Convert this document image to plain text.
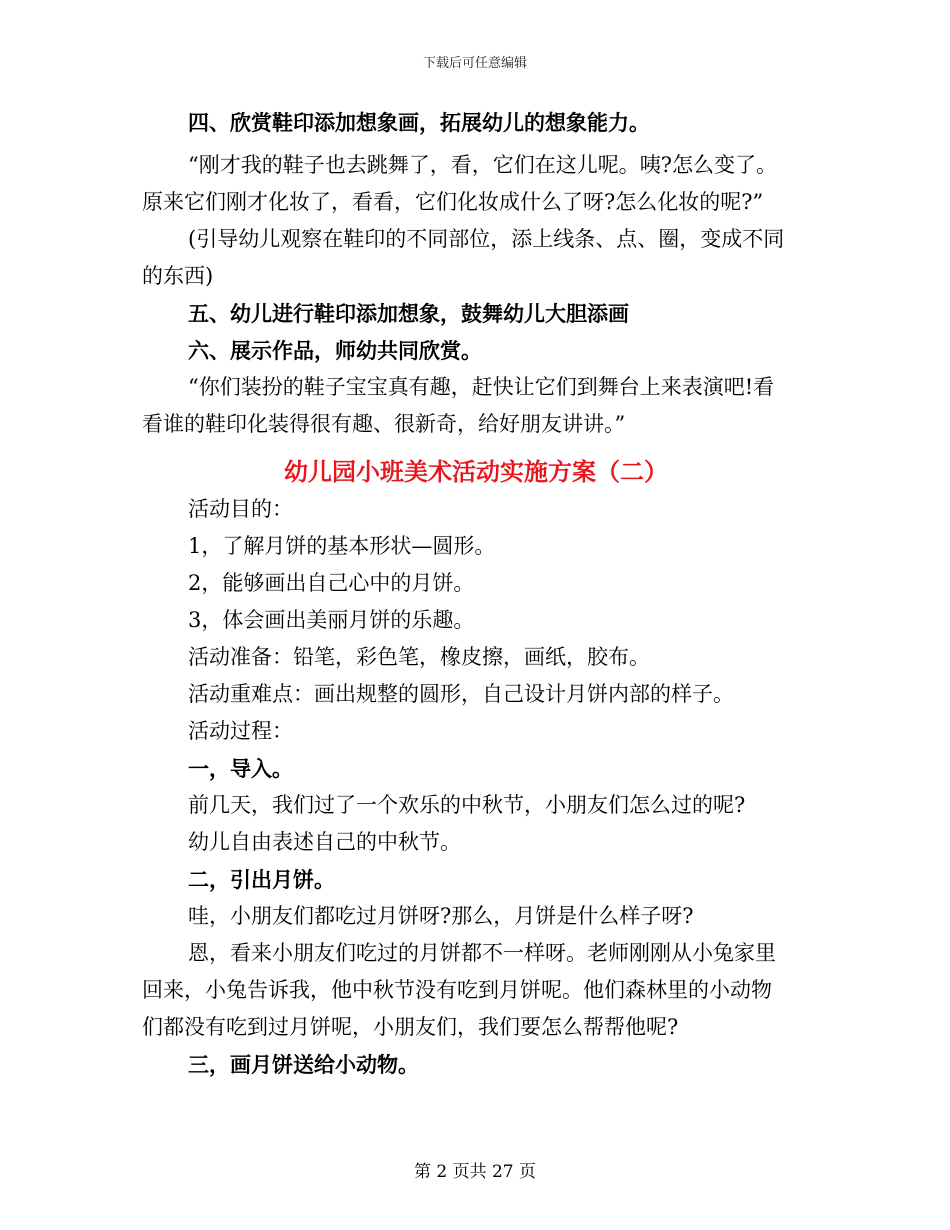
下载后可任意编辑
四、欣赏鞋印添加想象画，拓展幼儿的想象能力。
“刚才我的鞋子也去跳舞了，看，它们在这儿呢。咦?怎么变了。
原来它们刚才化妆了，看看，它们化妆成什么了呀?怎么化妆的呢?”
(引导幼儿观察在鞋印的不同部位，添上线条、点、圈，变成不同
的东西)
五、幼儿进行鞋印添加想象，鼓舞幼儿大胆添画
六、展示作品，师幼共同欣赏。
“你们装扮的鞋子宝宝真有趣，赶快让它们到舞台上来表演吧!看
看谁的鞋印化装得很有趣、很新奇，给好朋友讲讲。”
幼儿园小班美术活动实施方案（二）
活动目的：
1，了解月饼的基本形状—圆形。
2，能够画出自己心中的月饼。
3，体会画出美丽月饼的乐趣。
活动准备：铅笔，彩色笔，橡皮擦，画纸，胶布。
活动重难点：画出规整的圆形，自己设计月饼内部的样子。
活动过程：
一，导入。
前几天，我们过了一个欢乐的中秋节，小朋友们怎么过的呢?
幼儿自由表述自己的中秋节。
二，引出月饼。
哇，小朋友们都吃过月饼呀?那么，月饼是什么样子呀?
恩，看来小朋友们吃过的月饼都不一样呀。老师刚刚从小兔家里
回来，小兔告诉我，他中秋节没有吃到月饼呢。他们森林里的小动物
们都没有吃到过月饼呢，小朋友们，我们要怎么帮帮他呢?
三，画月饼送给小动物。
第 2 页共 27 页
